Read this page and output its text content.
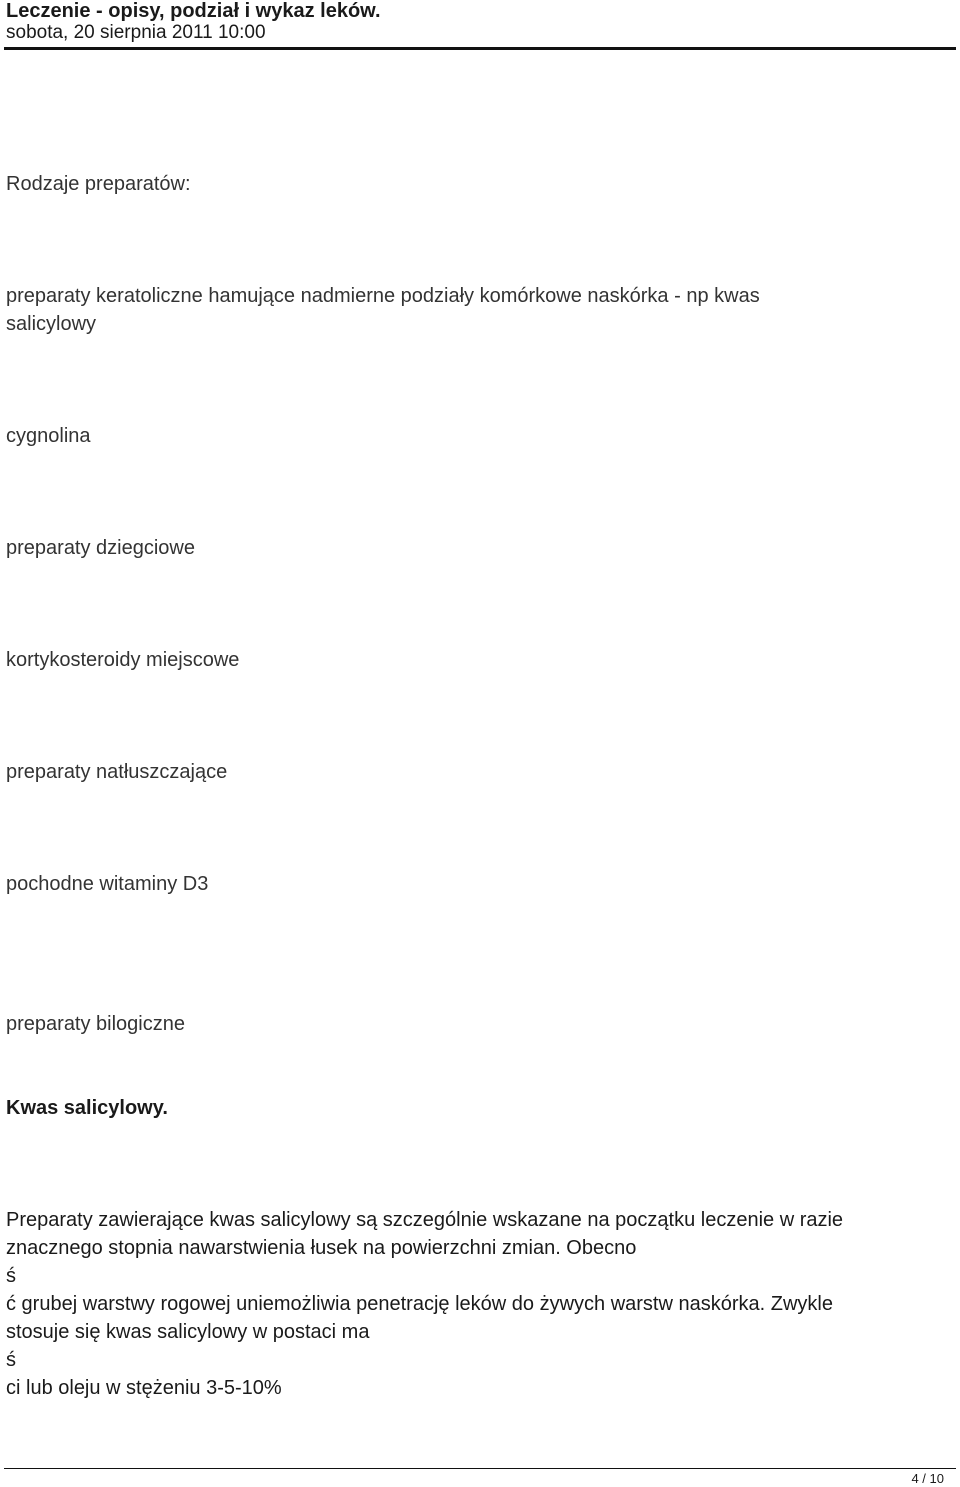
Leczenie - opisy, podział i wykaz leków.
sobota, 20 sierpnia 2011 10:00
Rodzaje preparatów:
preparaty keratoliczne hamujące nadmierne podziały komórkowe naskórka - np kwas
salicylowy
cygnolina
preparaty dziegciowe
kortykosteroidy miejscowe
preparaty natłuszczające
pochodne witaminy D3
preparaty bilogiczne
Kwas salicylowy.
Preparaty zawierające kwas salicylowy są szczególnie wskazane na początku leczenie w razie
znacznego stopnia nawarstwienia łusek na powierzchni zmian. Obecno
ś
ć grubej warstwy rogowej uniemożliwia penetrację leków do żywych warstw naskórka. Zwykle
stosuje się kwas salicylowy w postaci ma
ś
ci lub oleju w stężeniu 3-5-10%
4 / 10
